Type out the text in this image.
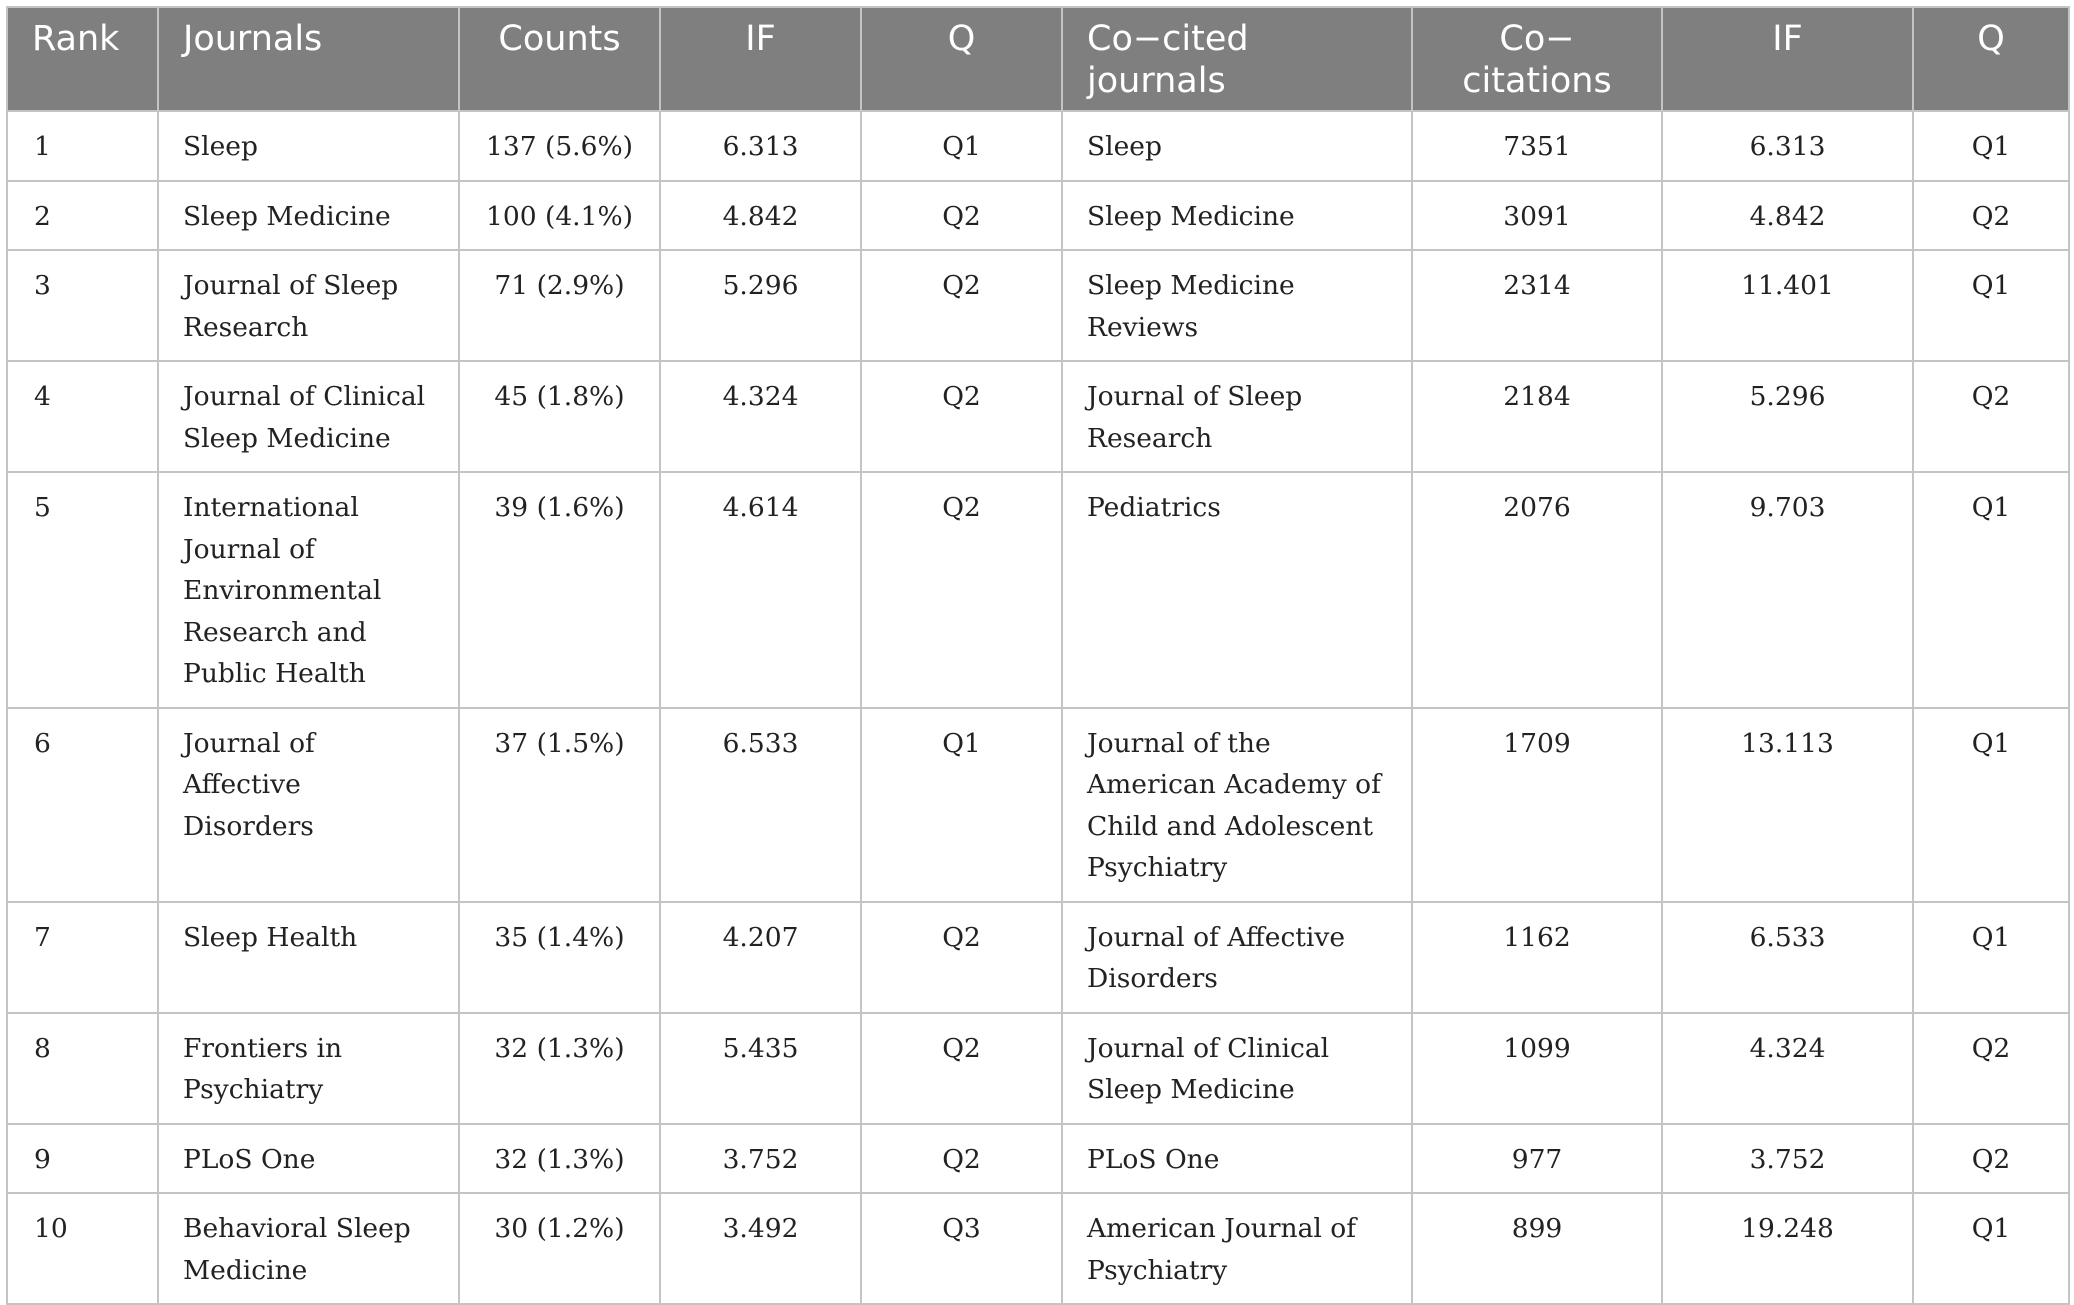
Rank	Journals	Counts	IF	Q	Co−cited journals	Co− citations	IF	Q
1	Sleep	137 (5.6%)	6.313	Q1	Sleep	7351	6.313	Q1
2	Sleep Medicine	100 (4.1%)	4.842	Q2	Sleep Medicine	3091	4.842	Q2
3	Journal of Sleep Research	71 (2.9%)	5.296	Q2	Sleep Medicine Reviews	2314	11.401	Q1
4	Journal of Clinical Sleep Medicine	45 (1.8%)	4.324	Q2	Journal of Sleep Research	2184	5.296	Q2
5	International Journal of Environmental Research and Public Health	39 (1.6%)	4.614	Q2	Pediatrics	2076	9.703	Q1
6	Journal of Affective Disorders	37 (1.5%)	6.533	Q1	Journal of the American Academy of Child and Adolescent Psychiatry	1709	13.113	Q1
7	Sleep Health	35 (1.4%)	4.207	Q2	Journal of Affective Disorders	1162	6.533	Q1
8	Frontiers in Psychiatry	32 (1.3%)	5.435	Q2	Journal of Clinical Sleep Medicine	1099	4.324	Q2
9	PLoS One	32 (1.3%)	3.752	Q2	PLoS One	977	3.752	Q2
10	Behavioral Sleep Medicine	30 (1.2%)	3.492	Q3	American Journal of Psychiatry	899	19.248	Q1
